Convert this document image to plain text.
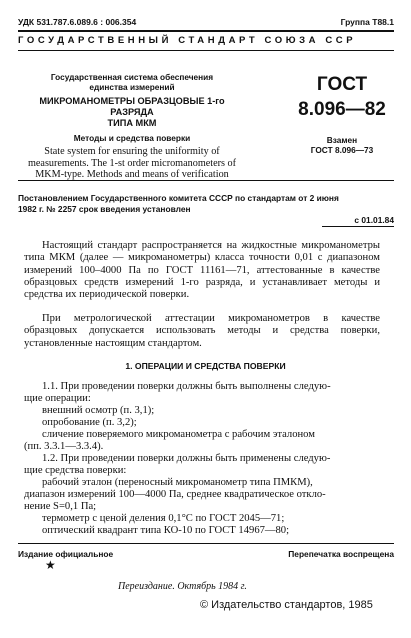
УДК 531.787.6.089.6 : 006.354	Группа Т88.1
ГОСУДАРСТВЕННЫЙ СТАНДАРТ СОЮЗА ССР
Государственная система обеспечения
единства измерений
МИКРОМАНОМЕТРЫ ОБРАЗЦОВЫЕ 1-го РАЗРЯДА
ТИПА МКМ
Методы и средства поверки
State system for ensuring the uniformity of
measurements. The 1-st order micromanometers of
MKM-type. Methods and means of verification
ГОСТ
8.096—82
Взамен
ГОСТ 8.096—73
Постановлением Государственного комитета СССР по стандартам от 2 июня
1982 г. № 2257 срок введения установлен
с 01.01.84
Настоящий стандарт распространяется на жидкостные микроманометры типа МКМ (далее — микроманометры) класса точности 0,01 с диапазоном измерений 100–4000 Па по ГОСТ 11161—71, аттестованные в качестве образцовых средств измерений 1-го разряда, и устанавливает методы и средства их периодической поверки.
При метрологической аттестации микроманометров в качестве образцовых допускается использовать методы и средства поверки, установленные настоящим стандартом.
1. ОПЕРАЦИИ И СРЕДСТВА ПОВЕРКИ
1.1. При проведении поверки должны быть выполнены следую-
щие операции:
внешний осмотр (п. 3,1);
опробование (п. 3,2);
сличение поверяемого микроманометра с рабочим эталоном
(пп. 3.3.1—3.3.4).
1.2. При проведении поверки должны быть применены следую-
щие средства поверки:
рабочий эталон (переносный микроманометр типа ПМКМ),
диапазон измерений 100—4000 Па, среднее квадратическое откло-
нение S=0,1 Па;
термометр с ценой деления 0,1°С по ГОСТ 2045—71;
оптический квадрант типа КО-10 по ГОСТ 14967—80;
Издание официальное	Перепечатка воспрещена
★
Переиздание. Октябрь 1984 г.
© Издательство стандартов, 1985
